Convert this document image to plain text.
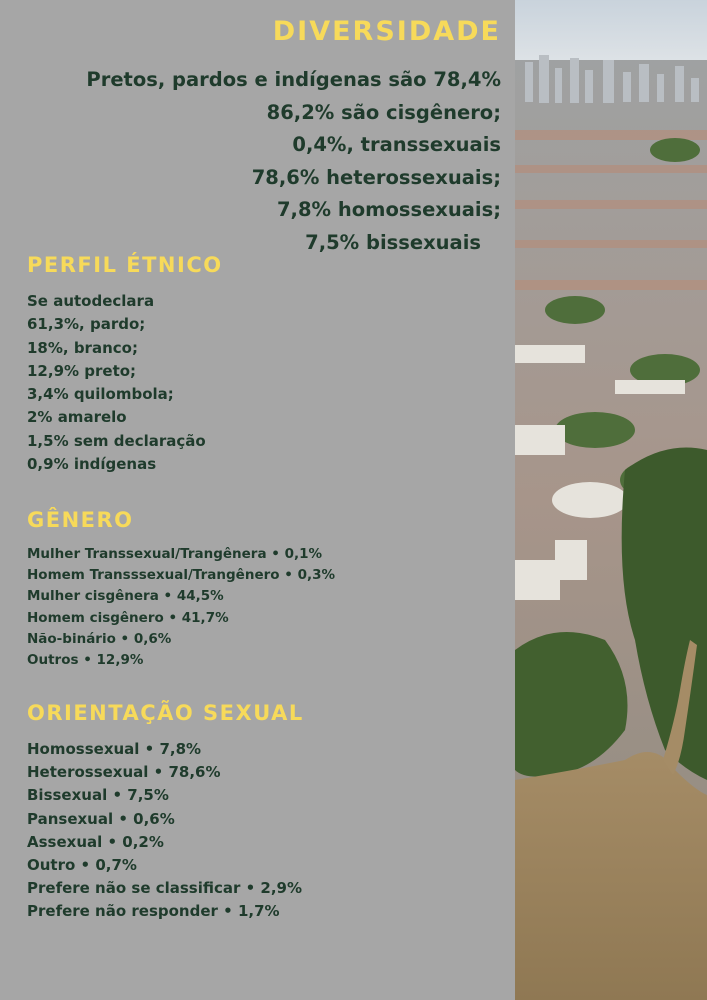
DIVERSIDADE
Pretos, pardos e indígenas são 78,4%
86,2% são cisgênero;
0,4%, transsexuais
78,6% heterossexuais;
7,8% homossexuais;
7,5% bissexuais
PERFIL ÉTNICO
Se autodeclara
61,3%, pardo;
18%, branco;
12,9% preto;
3,4% quilombola;
2% amarelo
1,5% sem declaração
0,9% indígenas
GÊNERO
Mulher Transsexual/Trangênera • 0,1%
Homem Transssexual/Trangênero • 0,3%
Mulher cisgênera • 44,5%
Homem cisgênero • 41,7%
Não-binário • 0,6%
Outros • 12,9%
ORIENTAÇÃO SEXUAL
Homossexual • 7,8%
Heterossexual • 78,6%
Bissexual • 7,5%
Pansexual • 0,6%
Assexual • 0,2%
Outro • 0,7%
Prefere não se classificar • 2,9%
Prefere não responder • 1,7%
